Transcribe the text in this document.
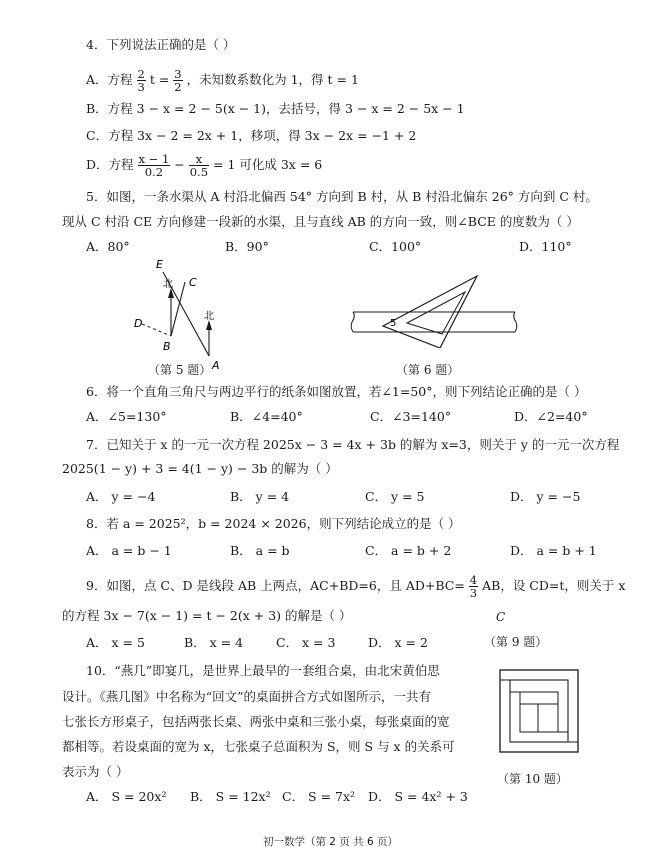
4．下列说法正确的是（ ）
A．方程 $\frac{2}{3}$ $t = \frac{3}{2}$ ，未知数系数化为 1，得 t = 1
B．方程 3 − x = 2 − 5(x − 1)，去括号，得 3 − x = 2 − 5x − 1
C．方程 3x − 2 = 2x + 1，移项，得 3x − 2x = −1 + 2
D．方程 $\frac{x - 1}{0.2} - \frac{x}{0.5} = 1$ 可化成 3x = 6
5．如图，一条水渠从 A 村沿北偏西 54° 方向到 B 村，从 B 村沿北偏东 26° 方向到 C 村。
现从 C 村沿 CE 方向修建一段新的水渠，且与直线 AB 的方向一致，则∠BCE 的度数为（ ）
A．80°	B．90°	C．100°	D．110°
E
C
D
B
A
北
北
（第 5 题）
5
（第 6 题）
6．将一个直角三角尺与两边平行的纸条如图放置，若∠1=50°，则下列结论正确的是（ ）
A．∠5=130°	B．∠4=40°	C．∠3=140°	D．∠2=40°
7．已知关于 x 的一元一次方程 2025x − 3 = 4x + 3b 的解为 x=3，则关于 y 的一元一次方程
2025(1 − y) + 3 = 4(1 − y) − 3b 的解为（ ）
A． y = −4	B． y = 4	C． y = 5	D． y = −5
8．若 a = 2025²，b = 2024 × 2026，则下列结论成立的是（ ）
A． a = b − 1	B． a = b	C． a = b + 2	D． a = b + 1
9．如图，点 C、D 是线段 AB 上两点，AC+BD=6，且 $AD+BC= \frac{4}{3}$ AB，设 CD=t，则关于 x
的方程 3x − 7(x − 1) = t − 2(x + 3) 的解是（ ）
A． x = 5	B． x = 4	C． x = 3	D． x = 2
C
（第 9 题）
10．“燕几”即宴几，是世界上最早的一套组合桌，由北宋黄伯思
设计。《燕几图》中名称为“回文”的桌面拼合方式如图所示，一共有
七张长方形桌子，包括两张长桌、两张中桌和三张小桌，每张桌面的宽
都相等。若设桌面的宽为 x，七张桌子总面积为 S，则 S 与 x 的关系可
表示为（ ）
A． S = 20x² B． S = 12x² C． S = 7x² D． S = 4x² + 3
（第 10 题）
初一数学（第 2 页 共 6 页）
